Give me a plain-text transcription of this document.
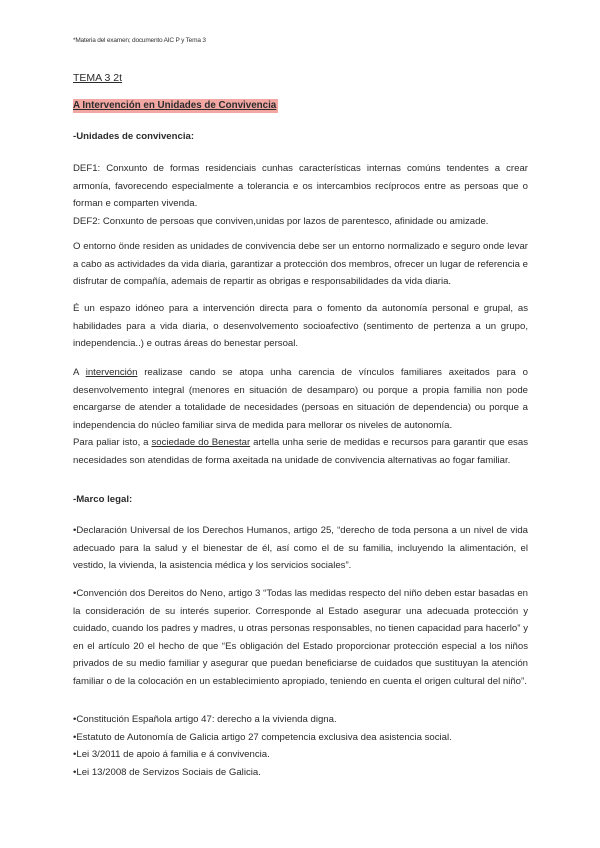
*Materia del examen; documento AIC P y Tema 3
TEMA 3 2t
A Intervención en Unidades de Convivencia
-Unidades de convivencia:

DEF1: Conxunto de formas residenciais cunhas características internas comúns tendentes a crear armonía, favorecendo especialmente a tolerancia e os intercambios recíprocos entre as persoas que o forman e comparten vivenda.

DEF2: Conxunto de persoas que conviven,unidas por lazos de parentesco, afinidade ou amizade.

O entorno önde residen as unidades de convivencia debe ser un entorno normalizado e seguro onde levar a cabo as actividades da vida diaria, garantizar a protección dos membros, ofrecer un lugar de referencia e disfrutar de compañía, ademais de repartir as obrigas e responsabilidades da vida diaria.

É un espazo idóneo para a intervención directa para o fomento da autonomía personal e grupal, as habilidades para a vida diaria, o desenvolvemento socioafectivo (sentimento de pertenza a un grupo, independencia..) e outras áreas do benestar persoal.

A intervención realizase cando se atopa unha carencia de vínculos familiares axeitados para o desenvolvemento integral (menores en situación de desamparo) ou porque a propia familia non pode encargarse de atender a totalidade de necesidades (persoas en situación de dependencia) ou porque a independencia do núcleo familiar sirva de medida para mellorar os niveles de autonomía.

Para paliar isto, a sociedade do Benestar artella unha serie de medidas e recursos para garantir que esas necesidades son atendidas de forma axeitada na unidade de convivencia alternativas ao fogar familiar.

-Marco legal:

•Declaración Universal de los Derechos Humanos, artigo 25, “derecho de toda persona a un nivel de vida adecuado para la salud y el bienestar de él, así como el de su familia, incluyendo la alimentación, el vestido, la vivienda, la asistencia médica y los servicios sociales”.

•Convención dos Dereitos do Neno, artigo 3 “Todas las medidas respecto del niño deben estar basadas en la consideración de su interés superior. Corresponde al Estado asegurar una adecuada protección y cuidado, cuando los padres y madres, u otras personas responsables, no tienen capacidad para hacerlo” y en el artículo 20 el hecho de que “Es obligación del Estado proporcionar protección especial a los niños privados de su medio familiar y asegurar que puedan beneficiarse de cuidados que sustituyan la atención familiar o de la colocación en un establecimiento apropiado, teniendo en cuenta el origen cultural del niño”.

•Constitución Española artigo 47: derecho a la vivienda digna.

•Estatuto de Autonomía de Galicia artigo 27 competencia exclusiva dea asistencia social.

•Lei 3/2011 de apoio á familia e á convivencia.

•Lei 13/2008 de Servizos Sociais de Galicia.
